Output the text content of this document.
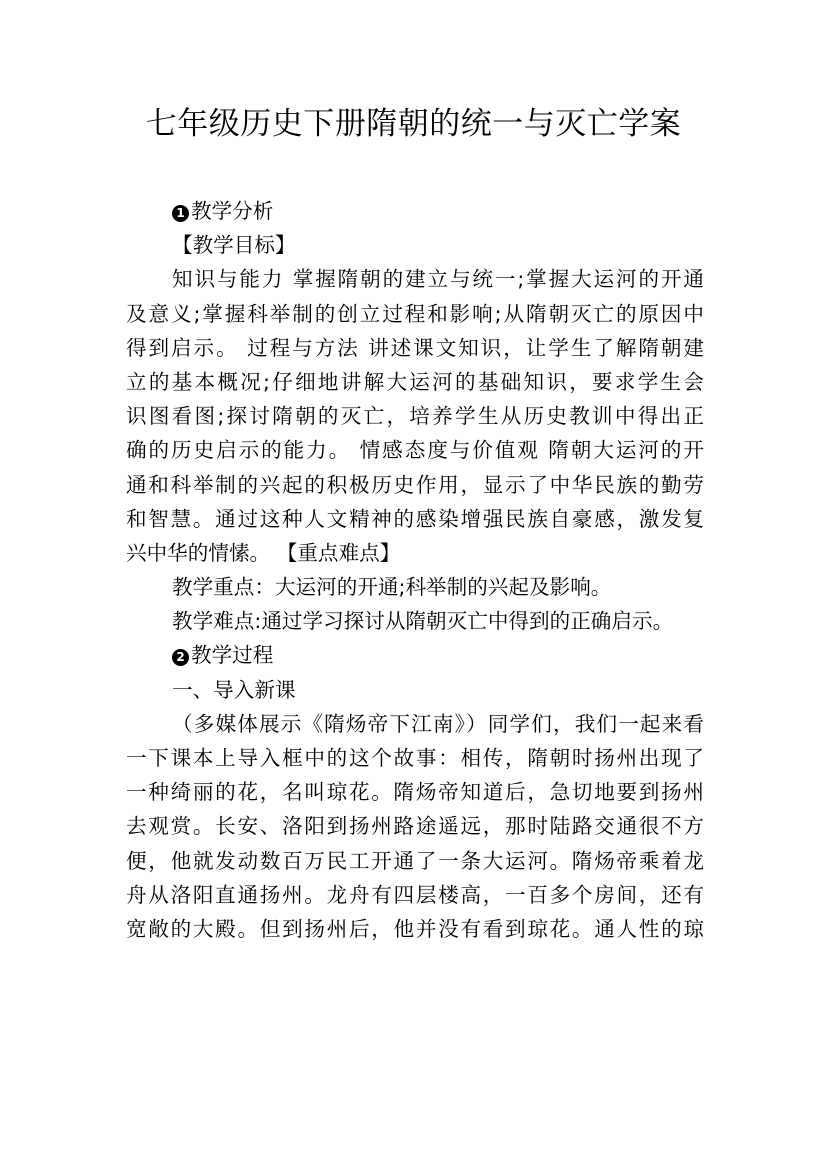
七年级历史下册隋朝的统一与灭亡学案
1 教学分析
【教学目标】
知识与能力 掌握隋朝的建立与统一;掌握大运河的开通
及意义;掌握科举制的创立过程和影响;从隋朝灭亡的原因中
得到启示。 过程与方法 讲述课文知识，让学生了解隋朝建
立的基本概况;仔细地讲解大运河的基础知识，要求学生会
识图看图;探讨隋朝的灭亡，培养学生从历史教训中得出正
确的历史启示的能力。 情感态度与价值观 隋朝大运河的开
通和科举制的兴起的积极历史作用，显示了中华民族的勤劳
和智慧。通过这种人文精神的感染增强民族自豪感，激发复
兴中华的情愫。 【重点难点】
教学重点：大运河的开通;科举制的兴起及影响。
教学难点:通过学习探讨从隋朝灭亡中得到的正确启示。
2 教学过程
一、导入新课
（多媒体展示《隋炀帝下江南》）同学们，我们一起来看
一下课本上导入框中的这个故事：相传，隋朝时扬州出现了
一种绮丽的花，名叫琼花。隋炀帝知道后，急切地要到扬州
去观赏。长安、洛阳到扬州路途遥远，那时陆路交通很不方
便，他就发动数百万民工开通了一条大运河。隋炀帝乘着龙
舟从洛阳直通扬州。龙舟有四层楼高，一百多个房间，还有
宽敞的大殿。但到扬州后，他并没有看到琼花。通人性的琼
